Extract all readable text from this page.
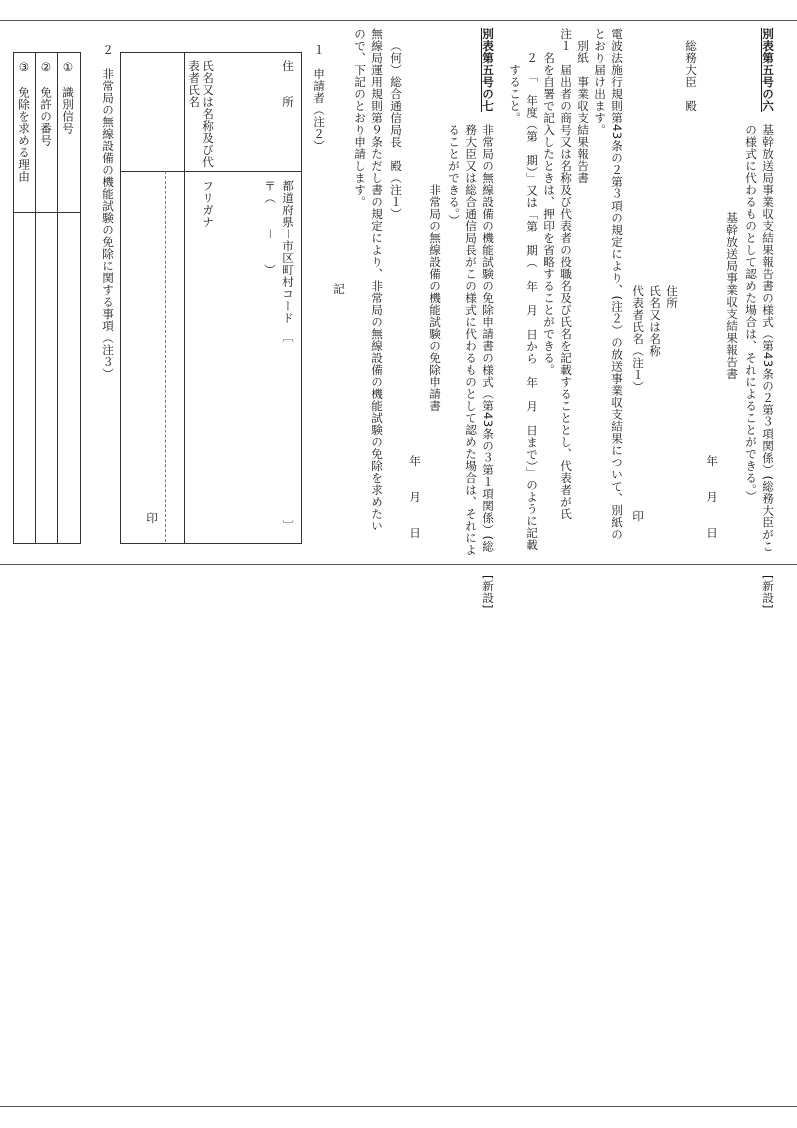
別表第五号の六
基幹放送局事業収支結果報告書の様式（第43条の２第３項関係）(総務大臣がこ
の様式に代わるものとして認めた場合は、それによることができる。）
基幹放送局事業収支結果報告書
年　　月　　日
総務大臣　殿
住所
氏名又は名称
代表者氏名（注１）
印
電波法施行規則第43条の２第３項の規定により、(注２）の放送事業収支結果について、別紙の
とおり届け出ます。
別紙　事業収支結果報告書
注１　届出者の商号又は名称及び代表者の役職名及び氏名を記載することとし、代表者が氏
名を自署で記入したときは、押印を省略することができる。
２　「　年度（第　期）」又は「第　期（　年　月　日から　年　月　日まで）」のように記載
すること。
[新設]
別表第五号の七
非常局の無線設備の機能試験の免除申請書の様式（第43条の３第１項関係）(総
務大臣又は総合通信局長がこの様式に代わるものとして認めた場合は、それによ
ることができる。）
非常局の無線設備の機能試験の免除申請書
年　　月　　日
（何）総合通信局長　殿（注１）
無線局運用規則第９条ただし書の規定により、非常局の無線設備の機能試験の免除を求めたい
ので、下記のとおり申請します。
記
[新設]
１　申請者（注２）
住　　所
都道府県－市区町村コード　〔
〕
〒（　　－　　）
氏名又は名称及び代
表者氏名
フリガナ
印
２　非常局の無線設備の機能試験の免除に関する事項（注３）
①　識別信号
②　免許の番号
③　免除を求める理由
